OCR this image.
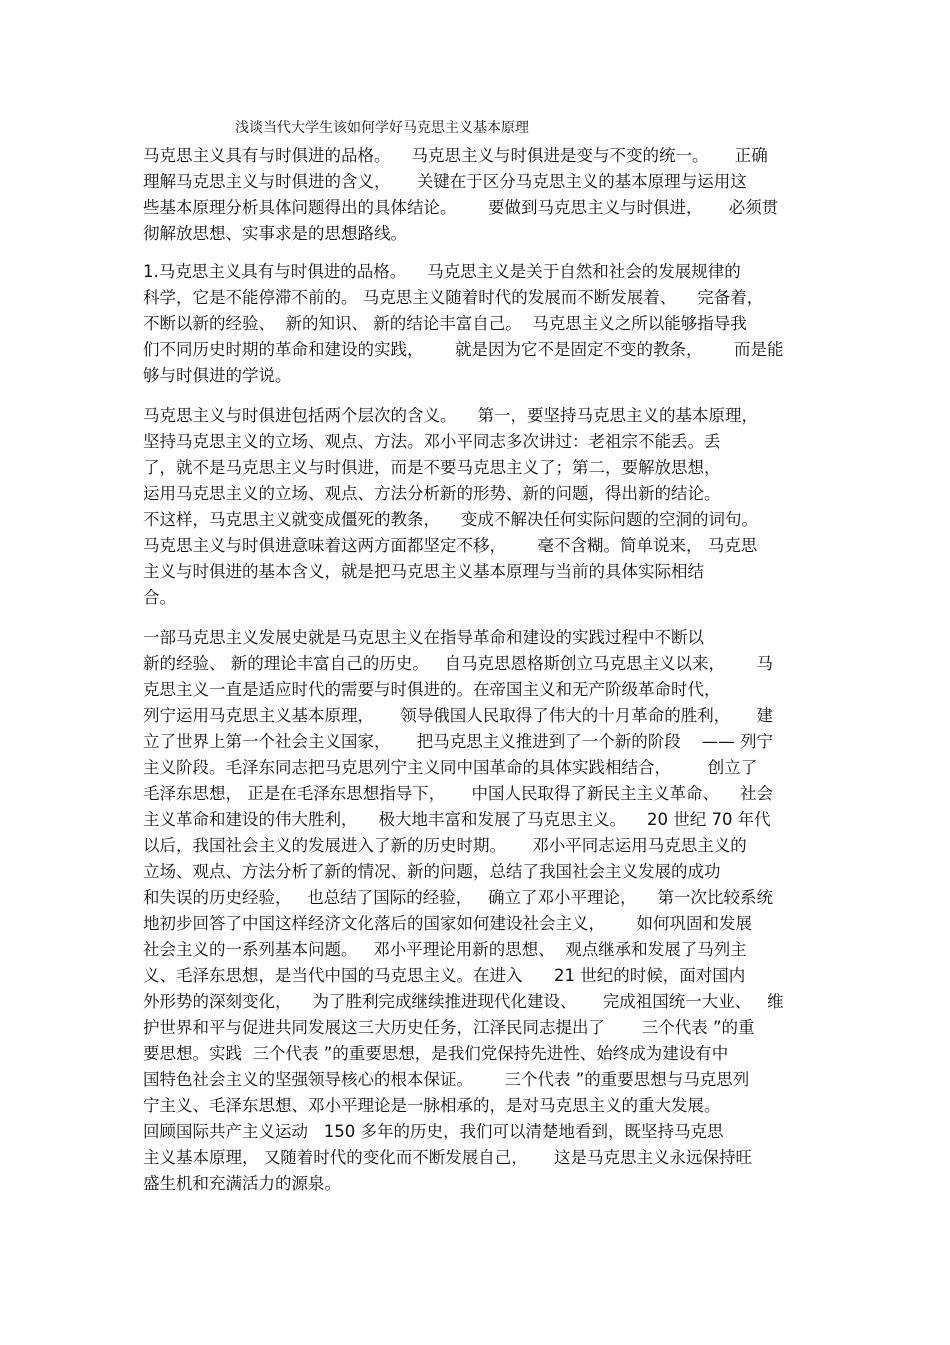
浅谈当代大学生该如何学好马克思主义基本原理
马克思主义具有与时俱进的品格。    马克思主义与时俱进是变与不变的统一。     正确
理解马克思主义与时俱进的含义，     关键在于区分马克思主义的基本原理与运用这
些基本原理分析具体问题得出的具体结论。      要做到马克思主义与时俱进，     必须贯
彻解放思想、实事求是的思想路线。
1.马克思主义具有与时俱进的品格。    马克思主义是关于自然和社会的发展规律的
科学，它是不能停滞不前的。 马克思主义随着时代的发展而不断发展着、    完备着，
不断以新的经验、  新的知识、 新的结论丰富自己。  马克思主义之所以能够指导我
们不同历史时期的革命和建设的实践，      就是因为它不是固定不变的教条，      而是能
够与时俱进的学说。
马克思主义与时俱进包括两个层次的含义。    第一，要坚持马克思主义的基本原理，
坚持马克思主义的立场、观点、方法。邓小平同志多次讲过：老祖宗不能丢。丢
了，就不是马克思主义与时俱进，而是不要马克思主义了；第二，要解放思想，
运用马克思主义的立场、观点、方法分析新的形势、新的问题，得出新的结论。
不这样，马克思主义就变成僵死的教条，    变成不解决任何实际问题的空洞的词句。
马克思主义与时俱进意味着这两方面都坚定不移，      毫不含糊。简单说来， 马克思
主义与时俱进的基本含义，就是把马克思主义基本原理与当前的具体实际相结
合。
一部马克思主义发展史就是马克思主义在指导革命和建设的实践过程中不断以
新的经验、 新的理论丰富自己的历史。   自马克思恩格斯创立马克思主义以来，      马
克思主义一直是适应时代的需要与时俱进的。在帝国主义和无产阶级革命时代，
列宁运用马克思主义基本原理，     领导俄国人民取得了伟大的十月革命的胜利，     建
立了世界上第一个社会主义国家，     把马克思主义推进到了一个新的阶段    —— 列宁
主义阶段。毛泽东同志把马克思列宁主义同中国革命的具体实践相结合，       创立了
毛泽东思想， 正是在毛泽东思想指导下，     中国人民取得了新民主主义革命、    社会
主义革命和建设的伟大胜利，    极大地丰富和发展了马克思主义。    20 世纪 70 年代
以后，我国社会主义的发展进入了新的历史时期。     邓小平同志运用马克思主义的
立场、观点、方法分析了新的情况、新的问题，总结了我国社会主义发展的成功
和失误的历史经验，   也总结了国际的经验，   确立了邓小平理论，    第一次比较系统
地初步回答了中国这样经济文化落后的国家如何建设社会主义，      如何巩固和发展
社会主义的一系列基本问题。   邓小平理论用新的思想、  观点继承和发展了马列主
义、毛泽东思想，是当代中国的马克思主义。在进入      21 世纪的时候，面对国内
外形势的深刻变化，    为了胜利完成继续推进现代化建设、     完成祖国统一大业、   维
护世界和平与促进共同发展这三大历史任务，江泽民同志提出了       三个代表 ”的重
要思想。实践  三个代表 ”的重要思想，是我们党保持先进性、始终成为建设有中
国特色社会主义的坚强领导核心的根本保证。      三个代表 ”的重要思想与马克思列
宁主义、毛泽东思想、邓小平理论是一脉相承的，是对马克思主义的重大发展。
回顾国际共产主义运动   150 多年的历史，我们可以清楚地看到，既坚持马克思
主义基本原理， 又随着时代的变化而不断发展自己，     这是马克思主义永远保持旺
盛生机和充满活力的源泉。
